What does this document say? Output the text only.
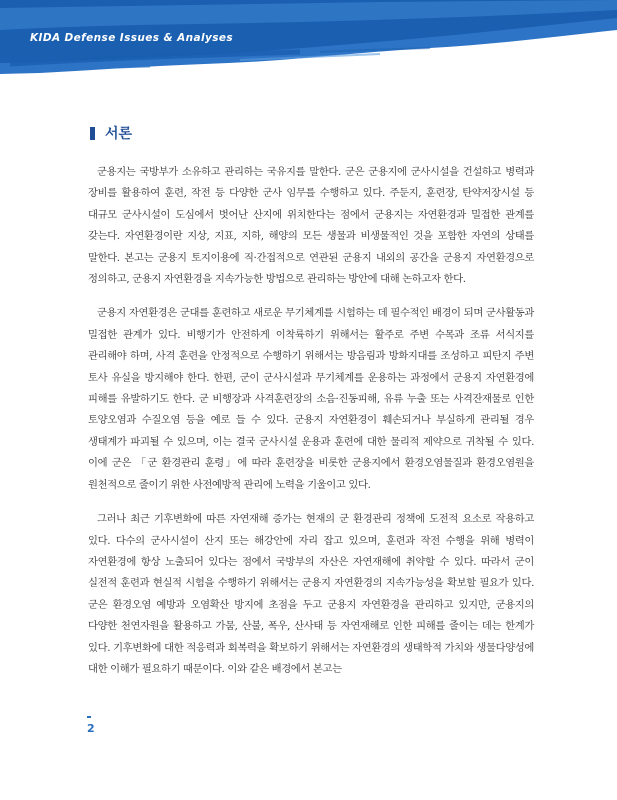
KIDA Defense Issues & Analyses
서론

군용지는 국방부가 소유하고 관리하는 국유지를 말한다. 군은 군용지에 군사시설을 건설하고 병력과 장비를 활용하여 훈련, 작전 등 다양한 군사 임무를 수행하고 있다. 주둔지, 훈련장, 탄약저장시설 등 대규모 군사시설이 도심에서 벗어난 산지에 위치한다는 점에서 군용지는 자연환경과 밀접한 관계를 갖는다. 자연환경이란 지상, 지표, 지하, 해양의 모든 생물과 비생물적인 것을 포함한 자연의 상태를 말한다. 본고는 군용지 토지이용에 직·간접적으로 연관된 군용지 내외의 공간을 군용지 자연환경으로 정의하고, 군용지 자연환경을 지속가능한 방법으로 관리하는 방안에 대해 논하고자 한다.

군용지 자연환경은 군대를 훈련하고 새로운 무기체계를 시험하는 데 필수적인 배경이 되며 군사활동과 밀접한 관계가 있다. 비행기가 안전하게 이착륙하기 위해서는 활주로 주변 수목과 조류 서식지를 관리해야 하며, 사격 훈련을 안정적으로 수행하기 위해서는 방음림과 방화지대를 조성하고 피탄지 주변 토사 유실을 방지해야 한다. 한편, 군이 군사시설과 무기체계를 운용하는 과정에서 군용지 자연환경에 피해를 유발하기도 한다. 군 비행장과 사격훈련장의 소음·진동피해, 유류 누출 또는 사격잔재물로 인한 토양오염과 수질오염 등을 예로 들 수 있다. 군용지 자연환경이 훼손되거나 부실하게 관리될 경우 생태계가 파괴될 수 있으며, 이는 결국 군사시설 운용과 훈련에 대한 물리적 제약으로 귀착될 수 있다. 이에 군은 「군 환경관리 훈령」에 따라 훈련장을 비롯한 군용지에서 환경오염물질과 환경오염원을 원천적으로 줄이기 위한 사전예방적 관리에 노력을 기울이고 있다.

그러나 최근 기후변화에 따른 자연재해 증가는 현재의 군 환경관리 정책에 도전적 요소로 작용하고 있다. 다수의 군사시설이 산지 또는 해강안에 자리 잡고 있으며, 훈련과 작전 수행을 위해 병력이 자연환경에 항상 노출되어 있다는 점에서 국방부의 자산은 자연재해에 취약할 수 있다. 따라서 군이 실전적 훈련과 현실적 시험을 수행하기 위해서는 군용지 자연환경의 지속가능성을 확보할 필요가 있다. 군은 환경오염 예방과 오염확산 방지에 초점을 두고 군용지 자연환경을 관리하고 있지만, 군용지의 다양한 천연자원을 활용하고 가뭄, 산불, 폭우, 산사태 등 자연재해로 인한 피해를 줄이는 데는 한계가 있다. 기후변화에 대한 적응력과 회복력을 확보하기 위해서는 자연환경의 생태학적 가치와 생물다양성에 대한 이해가 필요하기 때문이다. 이와 같은 배경에서 본고는

2
